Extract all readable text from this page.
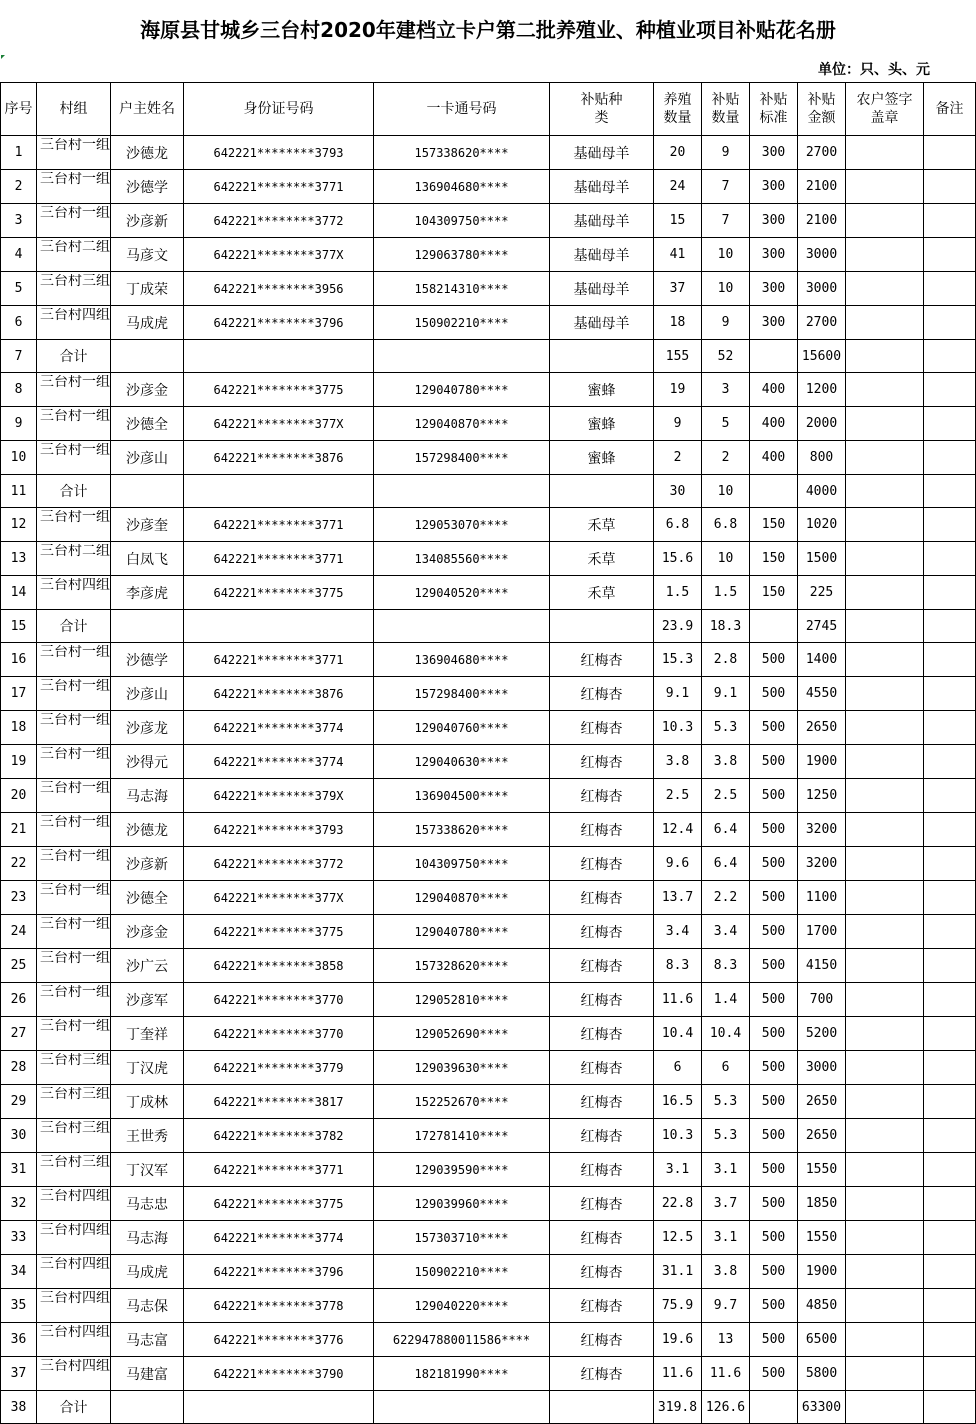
海原县甘城乡三台村2020年建档立卡户第二批养殖业、种植业项目补贴花名册
单位：只、头、元
序号	村组	户主姓名	身份证号码	一卡通号码	补贴种类	养殖数量	补贴数量	补贴标准	补贴金额	农户签字盖章	备注
1	三台村一组	沙德龙	642221********3793	157338620****	基础母羊	20	9	300	2700		
2	三台村一组	沙德学	642221********3771	136904680****	基础母羊	24	7	300	2100		
3	三台村一组	沙彦新	642221********3772	104309750****	基础母羊	15	7	300	2100		
4	三台村二组	马彦文	642221********377X	129063780****	基础母羊	41	10	300	3000		
5	三台村三组	丁成荣	642221********3956	158214310****	基础母羊	37	10	300	3000		
6	三台村四组	马成虎	642221********3796	150902210****	基础母羊	18	9	300	2700		
7	合计					155	52		15600		
8	三台村一组	沙彦金	642221********3775	129040780****	蜜蜂	19	3	400	1200		
9	三台村一组	沙德全	642221********377X	129040870****	蜜蜂	9	5	400	2000		
10	三台村一组	沙彦山	642221********3876	157298400****	蜜蜂	2	2	400	800		
11	合计					30	10		4000		
12	三台村一组	沙彦奎	642221********3771	129053070****	禾草	6.8	6.8	150	1020		
13	三台村二组	白凤飞	642221********3771	134085560****	禾草	15.6	10	150	1500		
14	三台村四组	李彦虎	642221********3775	129040520****	禾草	1.5	1.5	150	225		
15	合计					23.9	18.3		2745		
16	三台村一组	沙德学	642221********3771	136904680****	红梅杏	15.3	2.8	500	1400		
17	三台村一组	沙彦山	642221********3876	157298400****	红梅杏	9.1	9.1	500	4550		
18	三台村一组	沙彦龙	642221********3774	129040760****	红梅杏	10.3	5.3	500	2650		
19	三台村一组	沙得元	642221********3774	129040630****	红梅杏	3.8	3.8	500	1900		
20	三台村一组	马志海	642221********379X	136904500****	红梅杏	2.5	2.5	500	1250		
21	三台村一组	沙德龙	642221********3793	157338620****	红梅杏	12.4	6.4	500	3200		
22	三台村一组	沙彦新	642221********3772	104309750****	红梅杏	9.6	6.4	500	3200		
23	三台村一组	沙德全	642221********377X	129040870****	红梅杏	13.7	2.2	500	1100		
24	三台村一组	沙彦金	642221********3775	129040780****	红梅杏	3.4	3.4	500	1700		
25	三台村一组	沙广云	642221********3858	157328620****	红梅杏	8.3	8.3	500	4150		
26	三台村一组	沙彦军	642221********3770	129052810****	红梅杏	11.6	1.4	500	700		
27	三台村一组	丁奎祥	642221********3770	129052690****	红梅杏	10.4	10.4	500	5200		
28	三台村三组	丁汉虎	642221********3779	129039630****	红梅杏	6	6	500	3000		
29	三台村三组	丁成林	642221********3817	152252670****	红梅杏	16.5	5.3	500	2650		
30	三台村三组	王世秀	642221********3782	172781410****	红梅杏	10.3	5.3	500	2650		
31	三台村三组	丁汉军	642221********3771	129039590****	红梅杏	3.1	3.1	500	1550		
32	三台村四组	马志忠	642221********3775	129039960****	红梅杏	22.8	3.7	500	1850		
33	三台村四组	马志海	642221********3774	157303710****	红梅杏	12.5	3.1	500	1550		
34	三台村四组	马成虎	642221********3796	150902210****	红梅杏	31.1	3.8	500	1900		
35	三台村四组	马志保	642221********3778	129040220****	红梅杏	75.9	9.7	500	4850		
36	三台村四组	马志富	642221********3776	622947880011586****	红梅杏	19.6	13	500	6500		
37	三台村四组	马建富	642221********3790	182181990****	红梅杏	11.6	11.6	500	5800		
38	合计					319.8	126.6		63300		
